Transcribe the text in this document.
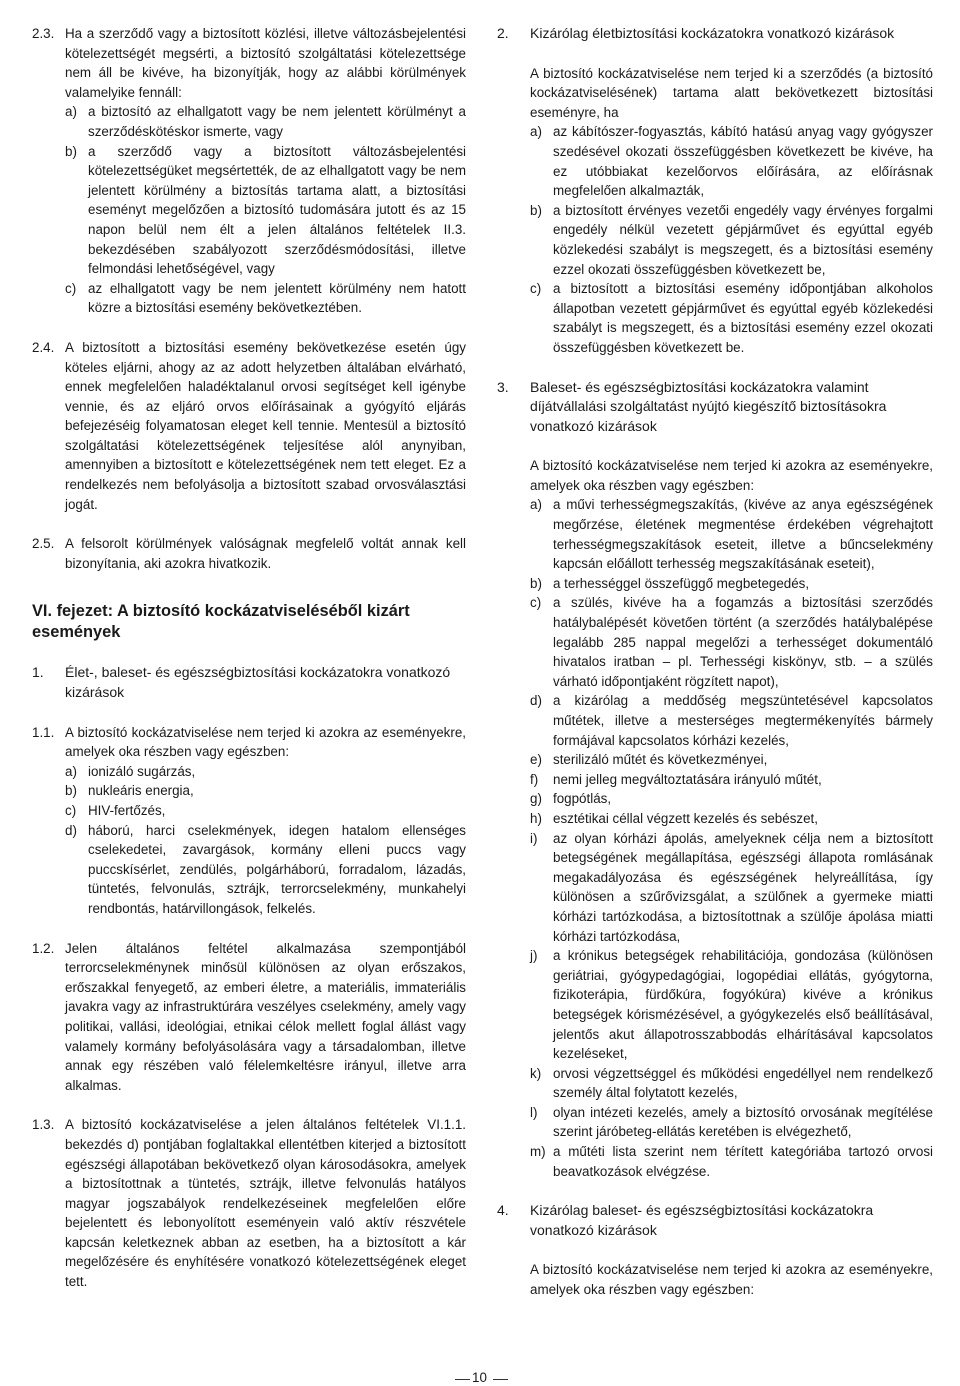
2.3. Ha a szerződő vagy a biztosított közlési, illetve változásbejelentési kötelezettségét megsérti, a biztosító szolgáltatási kötelezettsége nem áll be kivéve, ha bizonyítják, hogy az alábbi körülmények valamelyike fennáll:
a) a biztosító az elhallgatott vagy be nem jelentett körülményt a szerződéskötéskor ismerte, vagy
b) a szerződő vagy a biztosított változásbejelentési kötelezettségüket megsértették, de az elhallgatott vagy be nem jelentett körülmény a biztosítás tartama alatt, a biztosítási eseményt megelőzően a biztosító tudomására jutott és az 15 napon belül nem élt a jelen általános feltételek II.3. bekezdésében szabályozott szerződésmódosítási, illetve felmondási lehetőségével, vagy
c) az elhallgatott vagy be nem jelentett körülmény nem hatott közre a biztosítási esemény bekövetkeztében.
2.4. A biztosított a biztosítási esemény bekövetkezése esetén úgy köteles eljárni, ahogy az az adott helyzetben általában elvárható, ennek megfelelően haladéktalanul orvosi segítséget kell igénybe vennie, és az eljáró orvos előírásainak a gyógyító eljárás befejezéséig folyamatosan eleget kell tennie. Mentesül a biztosító szolgáltatási kötelezettségének teljesítése alól anynyiban, amennyiben a biztosított e kötelezettségének nem tett eleget. Ez a rendelkezés nem befolyásolja a biztosított szabad orvosválasztási jogát.
2.5. A felsorolt körülmények valóságnak megfelelő voltát annak kell bizonyítania, aki azokra hivatkozik.
VI. fejezet: A biztosító kockázatviseléséből kizárt események
1.	Élet-, baleset- és egészségbiztosítási kockázatokra vonatkozó kizárások
1.1. A biztosító kockázatviselése nem terjed ki azokra az eseményekre, amelyek oka részben vagy egészben:
a) ionizáló sugárzás,
b) nukleáris energia,
c) HIV-fertőzés,
d) háború, harci cselekmények, idegen hatalom ellenséges cselekedetei, zavargások, kormány elleni puccs vagy puccskísérlet, zendülés, polgárháború, forradalom, lázadás, tüntetés, felvonulás, sztrájk, terrorcselekmény, munkahelyi rendbontás, határvillongások, felkelés.
1.2. Jelen általános feltétel alkalmazása szempontjából terrorcselekménynek minősül különösen az olyan erőszakos, erőszakkal fenyegető, az emberi életre, a materiális, immateriális javakra vagy az infrastruktúrára veszélyes cselekmény, amely vagy politikai, vallási, ideológiai, etnikai célok mellett foglal állást vagy valamely kormány befolyásolására vagy a társadalomban, illetve annak egy részében való félelemkeltésre irányul, illetve arra alkalmas.
1.3. A biztosító kockázatviselése a jelen általános feltételek VI.1.1. bekezdés d) pontjában foglaltakkal ellentétben kiterjed a biztosított egészségi állapotában bekövetkező olyan károsodásokra, amelyek a biztosítottnak a tüntetés, sztrájk, illetve felvonulás hatályos magyar jogszabályok rendelkezéseinek megfelelően előre bejelentett és lebonyolított eseményein való aktív részvétele kapcsán keletkeznek abban az esetben, ha a biztosított a kár megelőzésére és enyhítésére vonatkozó kötelezettségének eleget tett.
2.	Kizárólag életbiztosítási kockázatokra vonatkozó kizárások
A biztosító kockázatviselése nem terjed ki a szerződés (a biztosító kockázatviselésének) tartama alatt bekövetkezett biztosítási eseményre, ha
a) az kábítószer-fogyasztás, kábító hatású anyag vagy gyógyszer szedésével okozati összefüggésben következett be kivéve, ha ez utóbbiakat kezelőorvos előírására, az előírásnak megfelelően alkalmazták,
b) a biztosított érvényes vezetői engedély vagy érvényes forgalmi engedély nélkül vezetett gépjárművet és egyúttal egyéb közlekedési szabályt is megszegett, és a biztosítási esemény ezzel okozati összefüggésben következett be,
c) a biztosított a biztosítási esemény időpontjában alkoholos állapotban vezetett gépjárművet és egyúttal egyéb közlekedési szabályt is megszegett, és a biztosítási esemény ezzel okozati összefüggésben következett be.
3.	Baleset- és egészségbiztosítási kockázatokra valamint díjátvállalási szolgáltatást nyújtó kiegészítő biztosításokra vonatkozó kizárások
A biztosító kockázatviselése nem terjed ki azokra az eseményekre, amelyek oka részben vagy egészben:
a) a művi terhességmegszakítás, (kivéve az anya egészségének megőrzése, életének megmentése érdekében végrehajtott terhességmegszakítások eseteit, illetve a bűncselekmény kapcsán előállott terhesség megszakításának eseteit),
b) a terhességgel összefüggő megbetegedés,
c) a szülés, kivéve ha a fogamzás a biztosítási szerződés hatálybalépését követően történt (a szerződés hatálybalépése legalább 285 nappal megelőzi a terhességet dokumentáló hivatalos iratban – pl. Terhességi kiskönyv, stb. – a szülés várható időpontjaként rögzített napot),
d) a kizárólag a meddőség megszüntetésével kapcsolatos műtétek, illetve a mesterséges megtermékenyítés bármely formájával kapcsolatos kórházi kezelés,
e) sterilizáló műtét és következményei,
f)	nemi jelleg megváltoztatására irányuló műtét,
g) fogpótlás,
h) esztétikai céllal végzett kezelés és sebészet,
i)	az olyan kórházi ápolás, amelyeknek célja nem a biztosított betegségének megállapítása, egészségi állapota romlásának megakadályozása és egészségének helyreállítása, így különösen a szűrővizsgálat, a szülőnek a gyermeke miatti kórházi tartózkodása, a biztosítottnak a szülője ápolása miatti kórházi tartózkodása,
j)	a krónikus betegségek rehabilitációja, gondozása (különösen geriátriai, gyógypedagógiai, logopédiai ellátás, gyógytorna, fizikoterápia, fürdőkúra, fogyókúra) kivéve a krónikus betegségek kórismézésével, a gyógykezelés első beállításával, jelentős akut állapotrosszabbodás elhárításával kapcsolatos kezeléseket,
k) orvosi végzettséggel és működési engedéllyel nem rendelkező személy által folytatott kezelés,
l)	olyan intézeti kezelés, amely a biztosító orvosának megítélése szerint járóbeteg-ellátás keretében is elvégezhető,
m) a műtéti lista szerint nem térített kategóriába tartozó orvosi beavatkozások elvégzése.
4.	Kizárólag baleset- és egészségbiztosítási kockázatokra vonatkozó kizárások
A biztosító kockázatviselése nem terjed ki azokra az eseményekre, amelyek oka részben vagy egészben:
10
